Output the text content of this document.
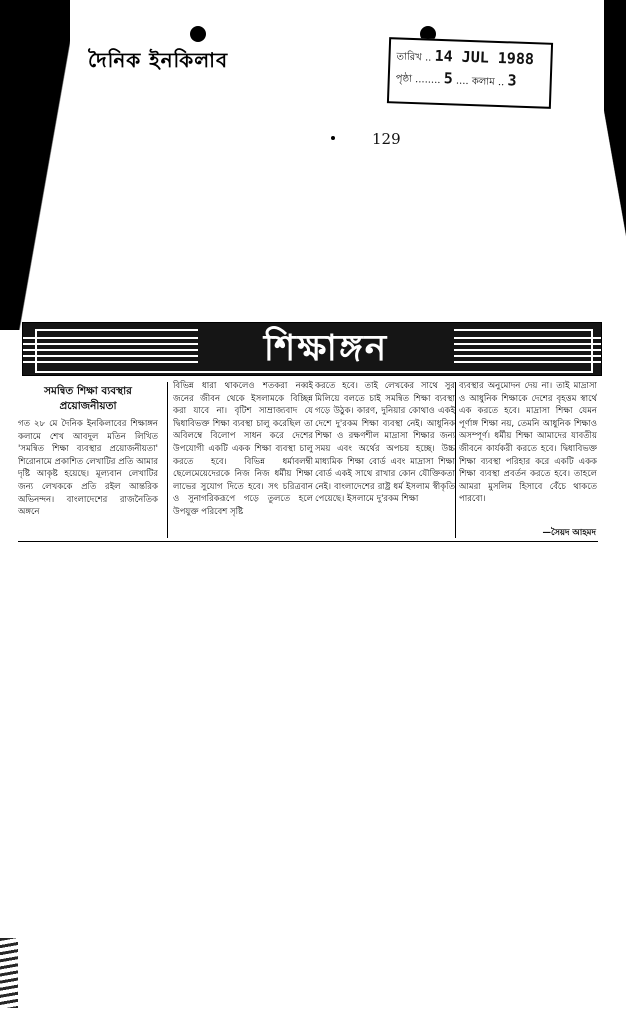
দৈনিক ইনকিলাব	তারিখ .. 14 JUL 1988
পৃষ্ঠা ........ 5 .... কলাম .. 3
129
শিক্ষাঙ্গন
সমন্বিত শিক্ষা ব্যবস্থার প্রয়োজনীয়তা

গত ২৮ মে দৈনিক ইনকিলাবের শিক্ষাঙ্গন কলামে শেখ আবদুল মতিন লিখিত 'সমন্বিত শিক্ষা ব্যবস্থার প্রয়োজনীয়তা' শিরোনামে প্রকাশিত লেখাটির প্রতি আমার দৃষ্টি আকৃষ্ট হয়েছে। মূল্যবান লেখাটির জন্য লেখককে প্রতি রইল আন্তরিক অভিনন্দন। বাংলাদেশের রাজনৈতিক অঙ্গনে

বিভিন্ন ধারা থাকলেও শতকরা নব্বই জনের জীবন থেকে ইসলামকে বিচ্ছিন্ন করা যাবে না। বৃটিশ সাম্রাজ্যবাদ যে দ্বিধাবিভক্ত শিক্ষা ব্যবস্থা চালু করেছিল তা অবিলম্বে বিলোপ সাধন করে দেশের উপযোগী একটি একক শিক্ষা ব্যবস্থা চালু করতে হবে। বিভিন্ন ধর্মাবলম্বী ছেলেমেয়েদেরকে নিজ নিজ ধর্মীয় শিক্ষা লাভের সুযোগ দিতে হবে। সৎ চরিত্রবান ও সুনাগরিকরূপে গড়ে তুলতে হলে উপযুক্ত পরিবেশ সৃষ্টি

করতে হবে। তাই লেখকের সাথে সুর মিলিয়ে বলতে চাই সমন্বিত শিক্ষা ব্যবস্থা গড়ে উঠুক। কারণ, দুনিয়ার কোথাও একই দেশে দু'রকম শিক্ষা ব্যবস্থা নেই। আধুনিক শিক্ষা ও রক্ষণশীল মাদ্রাসা শিক্ষার জন্য সময় এবং অর্থের অপচয় হচ্ছে। উচ্চ মাধ্যমিক শিক্ষা বোর্ড এবং মাদ্রাসা শিক্ষা বোর্ড একই সাথে রাখার কোন যৌক্তিকতা নেই। বাংলাদেশের রাষ্ট্র ধর্ম ইসলাম স্বীকৃতি পেয়েছে। ইসলামে দু'রকম শিক্ষা

ব্যবস্থার অনুমোদন দেয় না। তাই মাদ্রাসা ও আধুনিক শিক্ষাকে দেশের বৃহত্তম স্বার্থে এক করতে হবে। মাদ্রাসা শিক্ষা যেমন পূর্ণাঙ্গ শিক্ষা নয়, তেমনি আধুনিক শিক্ষাও অসম্পূর্ণ। ধর্মীয় শিক্ষা আমাদের যাবতীয় জীবনে কার্যকরী করতে হবে। দ্বিধাবিভক্ত শিক্ষা ব্যবস্থা পরিহার করে একটি একক শিক্ষা ব্যবস্থা প্রবর্তন করতে হবে। তাহলে আমরা মুসলিম হিসাবে বেঁচে থাকতে পারবো।

—সৈয়দ আহমদ
